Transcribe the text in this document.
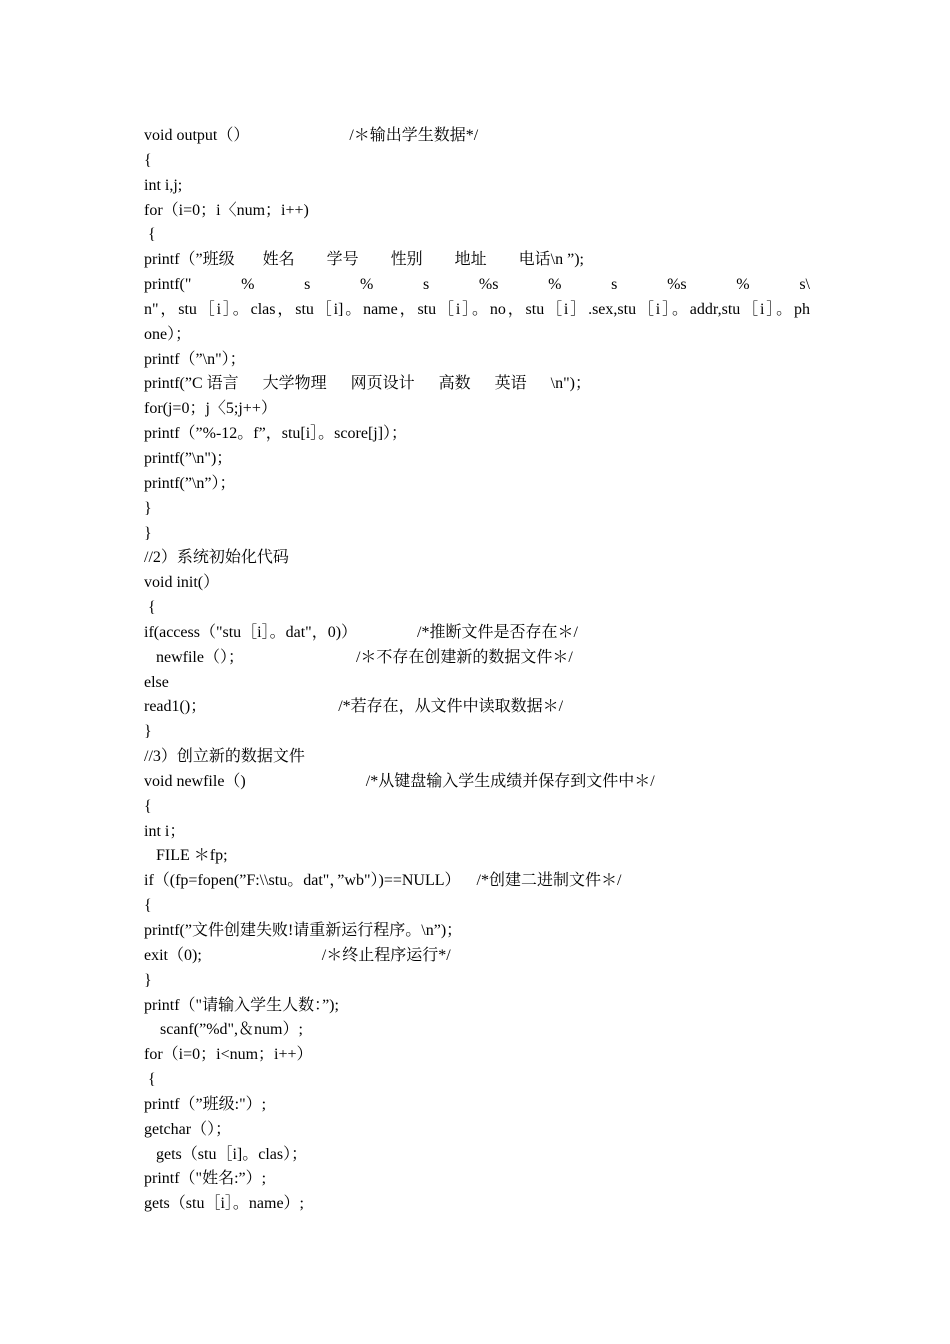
void output（）                         /＊输出学生数据*/
{
int i,j;
for（i=0；i〈num；i++)
{
printf（”班级       姓名        学号        性别        地址        电话\n ”);
printf(" % s % s %s % s %s % s\
n"，stu［i］。clas，stu［i]。name，stu［i］。no，stu［i］.sex,stu［i］。addr,stu［i］。ph
one）；
printf（”\n"）；
printf(”C 语言      大学物理      网页设计      高数      英语      \n")；
for(j=0；j〈5;j++）
printf（”%-12。f”，stu[i］。score[j]）；
printf(”\n")；
printf(”\n”）；
}
}
//2）系统初始化代码
void init(）
{
if(access（"stu［i］。dat"，0)）               /*推断文件是否存在＊/
newfile（）；                            /＊不存在创建新的数据文件＊/
else
read1()；                                 /*若存在，从文件中读取数据＊/
}
//3）创立新的数据文件
void newfile（)                              /*从键盘输入学生成绩并保存到文件中＊/
{
int i；
FILE ＊fp;
if（(fp=fopen(”F:\\stu。dat"，”wb"）)==NULL）    /*创建二进制文件＊/
{
printf(”文件创建失败!请重新运行程序。\n”)；
exit（0);                              /＊终止程序运行*/
}
printf（"请输入学生人数：”);
scanf(”%d",＆num）;
for（i=0；i<num；i++）
{
printf（”班级:"）;
getchar（）；
gets（stu［i]。clas）；
printf（"姓名:”）;
gets（stu［i］。name）;
